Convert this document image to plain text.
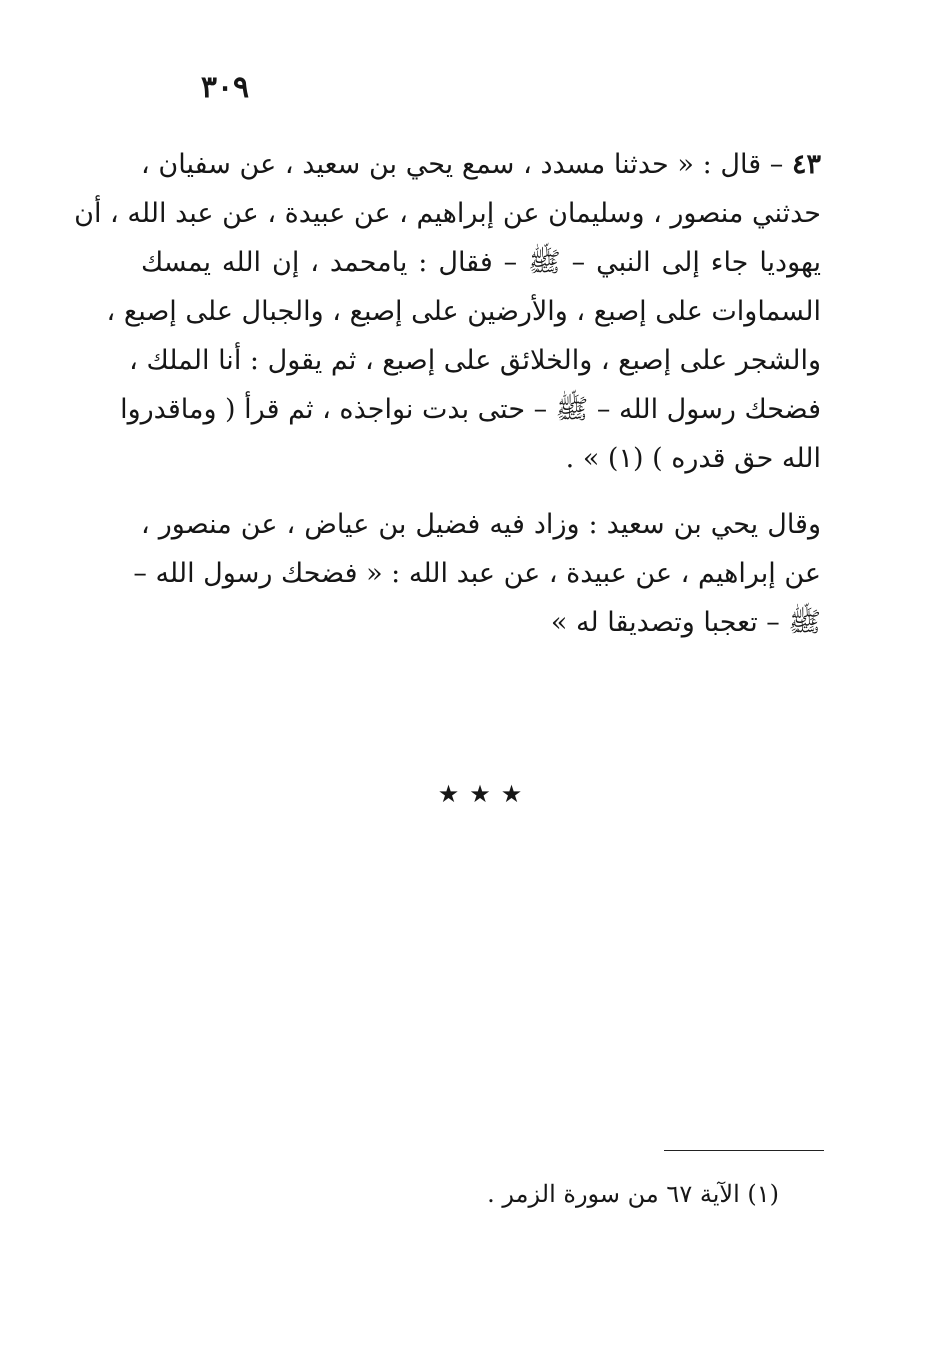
٣٠٩
٤٣ – قال : « حدثنا مسدد ، سمع يحي بن سعيد ، عن سفيان ،
حدثني منصور ، وسليمان عن إبراهيم ، عن عبيدة ، عن عبد الله ، أن
يهوديا جاء إلى النبي – ﷺ – فقال : يامحمد ، إن الله يمسك
السماوات على إصبع ، والأرضين على إصبع ، والجبال على إصبع ،
والشجر على إصبع ، والخلائق على إصبع ، ثم يقول : أنا الملك ،
فضحك رسول الله – ﷺ – حتى بدت نواجذه ، ثم قرأ ( وماقدروا
الله حق قدره ) (١) » .
وقال يحي بن سعيد : وزاد فيه فضيل بن عياض ، عن منصور ،
عن إبراهيم ، عن عبيدة ، عن عبد الله : « فضحك رسول الله –
ﷺ – تعجبا وتصديقا له »
★★★
(١) الآية ٦٧ من سورة الزمر .
